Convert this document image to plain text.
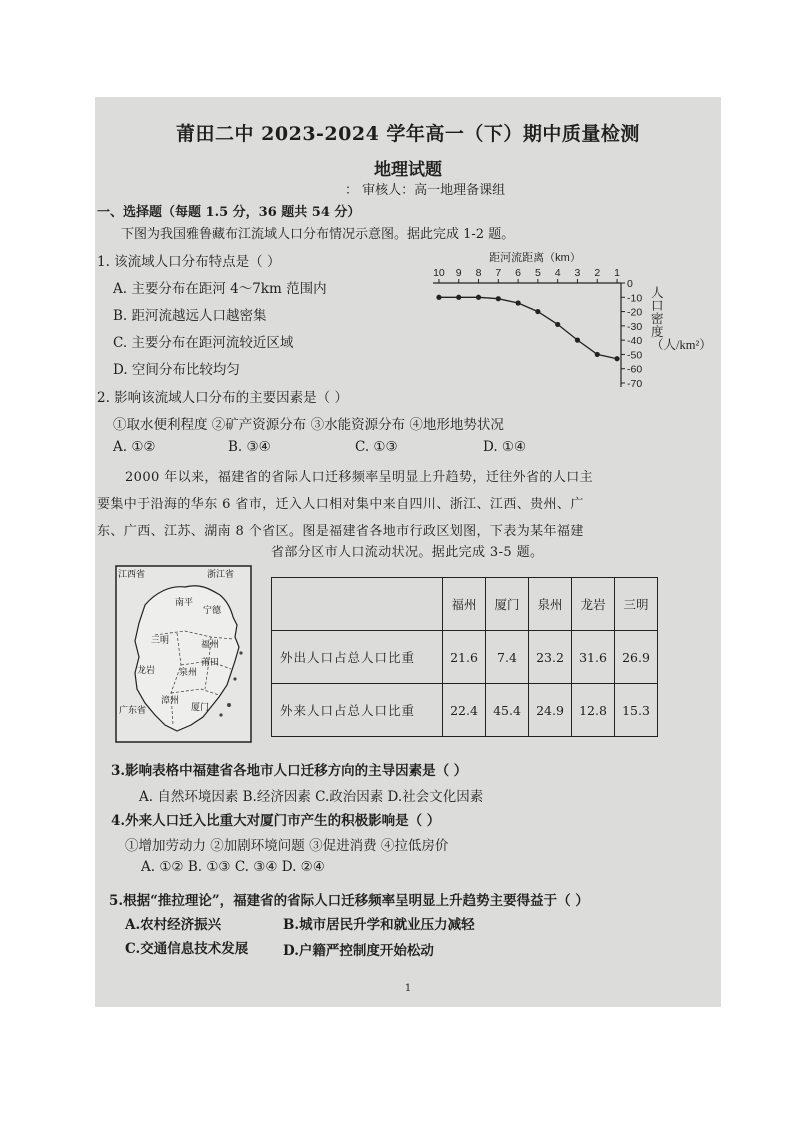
莆田二中 2023-2024 学年高一（下）期中质量检测
地理试题
： 审核人：高一地理备课组
一、选择题（每题 1.5 分，36 题共 54 分）
下图为我国雅鲁藏布江流域人口分布情况示意图。据此完成 1-2 题。
1. 该流域人口分布特点是（ ）
A. 主要分布在距河 4～7km 范围内
B. 距河流越远人口越密集
C. 主要分布在距河流较近区域
D. 空间分布比较均匀
距河流距离（km）
10 9 8 7 6 5 4 3 2 1
0
-10
-20
-30
-40
-50
-60
-70
人口密度（人/km²）
2. 影响该流域人口分布的主要因素是（ ）
①取水便利程度 ②矿产资源分布 ③水能资源分布 ④地形地势状况
A. ①②	B. ③④	C. ①③	D. ①④
2000 年以来，福建省的省际人口迁移频率呈明显上升趋势，迁往外省的人口主
要集中于沿海的华东 6 省市，迁入人口相对集中来自四川、浙江、江西、贵州、广
东、广西、江苏、湖南 8 个省区。图是福建省各地市行政区划图，下表为某年福建
省部分区市人口流动状况。据此完成 3-5 题。
江西省	浙江省
南平
宁德
三明	福州
莆田
龙岩	泉州
广东省
漳州
厦门
	福州	厦门	泉州	龙岩	三明
外出人口占总人口比重	21.6	7.4	23.2	31.6	26.9
外来人口占总人口比重	22.4	45.4	24.9	12.8	15.3
3.影响表格中福建省各地市人口迁移方向的主导因素是（ ）
A. 自然环境因素 B.经济因素 C.政治因素 D.社会文化因素
4.外来人口迁入比重大对厦门市产生的积极影响是（ ）
①增加劳动力 ②加剧环境问题 ③促进消费 ④拉低房价
A. ①② B. ①③ C. ③④ D. ②④
5.根据“推拉理论”，福建省的省际人口迁移频率呈明显上升趋势主要得益于（ ）
A.农村经济振兴	B.城市居民升学和就业压力减轻
C.交通信息技术发展	D.户籍严控制度开始松动
1
